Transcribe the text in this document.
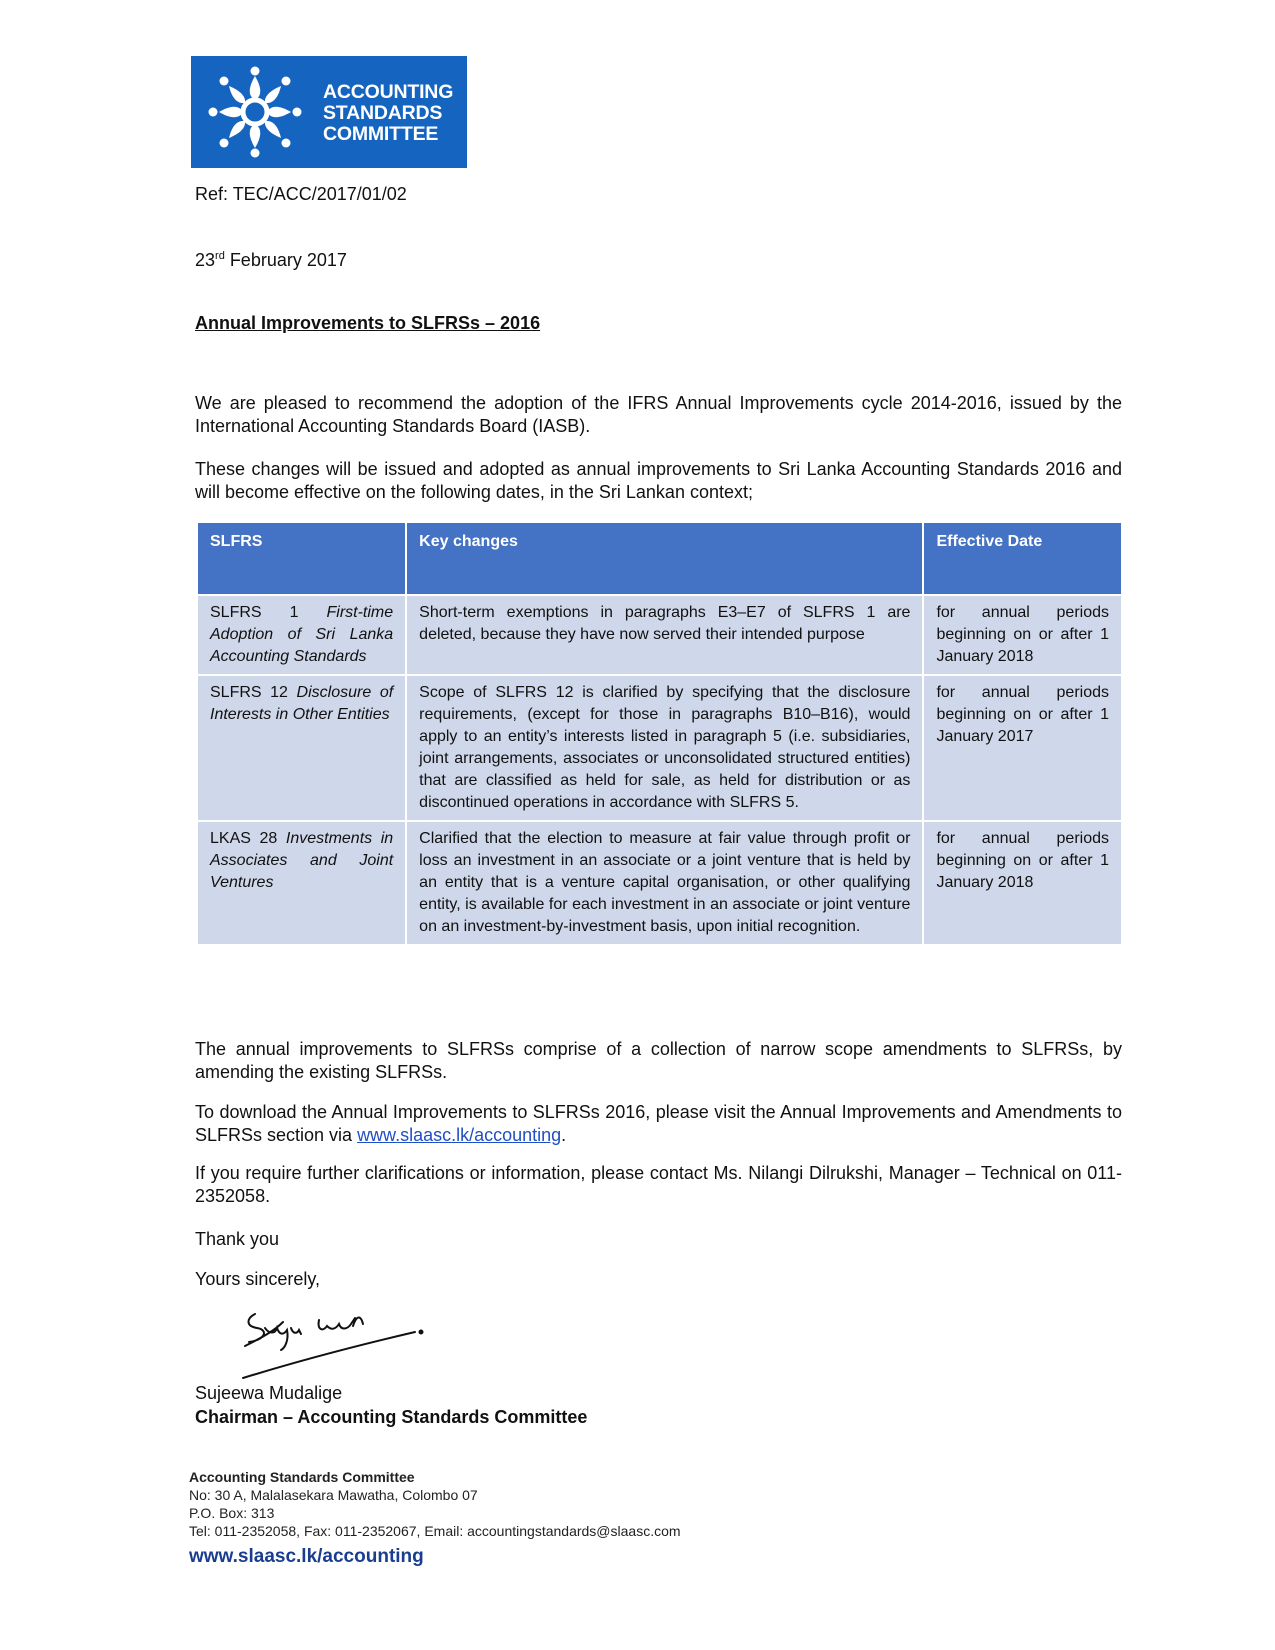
ACCOUNTING
STANDARDS
COMMITTEE
Ref: TEC/ACC/2017/01/02
23rd February 2017
Annual Improvements to SLFRSs – 2016
We are pleased to recommend the adoption of the IFRS Annual Improvements cycle 2014-2016, issued by the International Accounting Standards Board (IASB).
These changes will be issued and adopted as annual improvements to Sri Lanka Accounting Standards 2016 and will become effective on the following dates, in the Sri Lankan context;
SLFRS	Key changes	Effective Date
SLFRS 1 First-time Adoption of Sri Lanka Accounting Standards	Short-term exemptions in paragraphs E3–E7 of SLFRS 1 are deleted, because they have now served their intended purpose	for annual periods beginning on or after 1 January 2018
SLFRS 12 Disclosure of Interests in Other Entities	Scope of SLFRS 12 is clarified by specifying that the disclosure requirements, (except for those in paragraphs B10–B16), would apply to an entity’s interests listed in paragraph 5 (i.e. subsidiaries, joint arrangements, associates or unconsolidated structured entities) that are classified as held for sale, as held for distribution or as discontinued operations in accordance with SLFRS 5.	for annual periods beginning on or after 1 January 2017
LKAS 28 Investments in Associates and Joint Ventures	Clarified that the election to measure at fair value through profit or loss an investment in an associate or a joint venture that is held by an entity that is a venture capital organisation, or other qualifying entity, is available for each investment in an associate or joint venture on an investment-by-investment basis, upon initial recognition.	for annual periods beginning on or after 1 January 2018
The annual improvements to SLFRSs comprise of a collection of narrow scope amendments to SLFRSs, by amending the existing SLFRSs.
To download the Annual Improvements to SLFRSs 2016, please visit the Annual Improvements and Amendments to SLFRSs section via www.slaasc.lk/accounting.
If you require further clarifications or information, please contact Ms. Nilangi Dilrukshi, Manager – Technical on 011-2352058.
Thank you
Yours sincerely,
Sujeewa Mudalige
Chairman – Accounting Standards Committee
Accounting Standards Committee
No: 30 A, Malalasekara Mawatha, Colombo 07
P.O. Box: 313
Tel: 011-2352058, Fax: 011-2352067, Email: accountingstandards@slaasc.com
www.slaasc.lk/accounting
